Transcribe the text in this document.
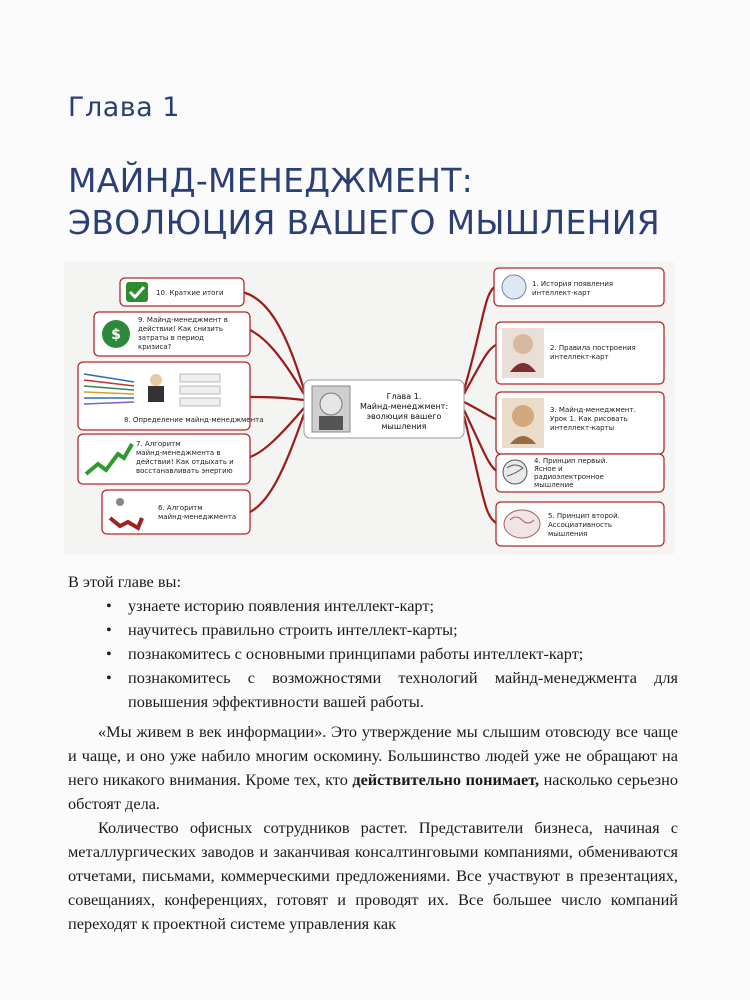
Глава 1
МАЙНД-МЕНЕДЖМЕНТ:
ЭВОЛЮЦИЯ ВАШЕГО МЫШЛЕНИЯ
Глава 1.
Майнд-менеджмент:
эволюция вашего
мышления
10. Краткие итоги
$
9. Майнд-менеджмент в
действии! Как снизить
затраты в период
кризиса?
8. Определение майнд-менеджмента
7. Алгоритм
майнд-менеджмента в
действии! Как отдыхать и
восстанавливать энергию
6. Алгоритм
майнд-менеджмента
1. История появления
интеллект-карт
2. Правила построения
интеллект-карт
3. Майнд-менеджмент.
Урок 1. Как рисовать
интеллект-карты
4. Принцип первый.
Ясное и
радиоэлектронное
мышление
5. Принцип второй.
Ассоциативность
мышления
В этой главе вы:
• узнаете историю появления интеллект-карт;
• научитесь правильно строить интеллект-карты;
• познакомитесь с основными принципами работы интеллект-карт;
• познакомитесь с возможностями технологий майнд-менеджмента для повышения эффективности вашей работы.

«Мы живем в век информации». Это утверждение мы слышим отовсюду все чаще и чаще, и оно уже набило многим оскомину. Большинство людей уже не обращают на него никакого внимания. Кроме тех, кто действительно понимает, насколько серьезно обстоят дела.

Количество офисных сотрудников растет. Представители бизнеса, начиная с металлургических заводов и заканчивая консалтинговыми компаниями, обмениваются отчетами, письмами, коммерческими предложениями. Все участвуют в презентациях, совещаниях, конференциях, готовят и проводят их. Все большее число компаний переходят к проектной системе управления как
